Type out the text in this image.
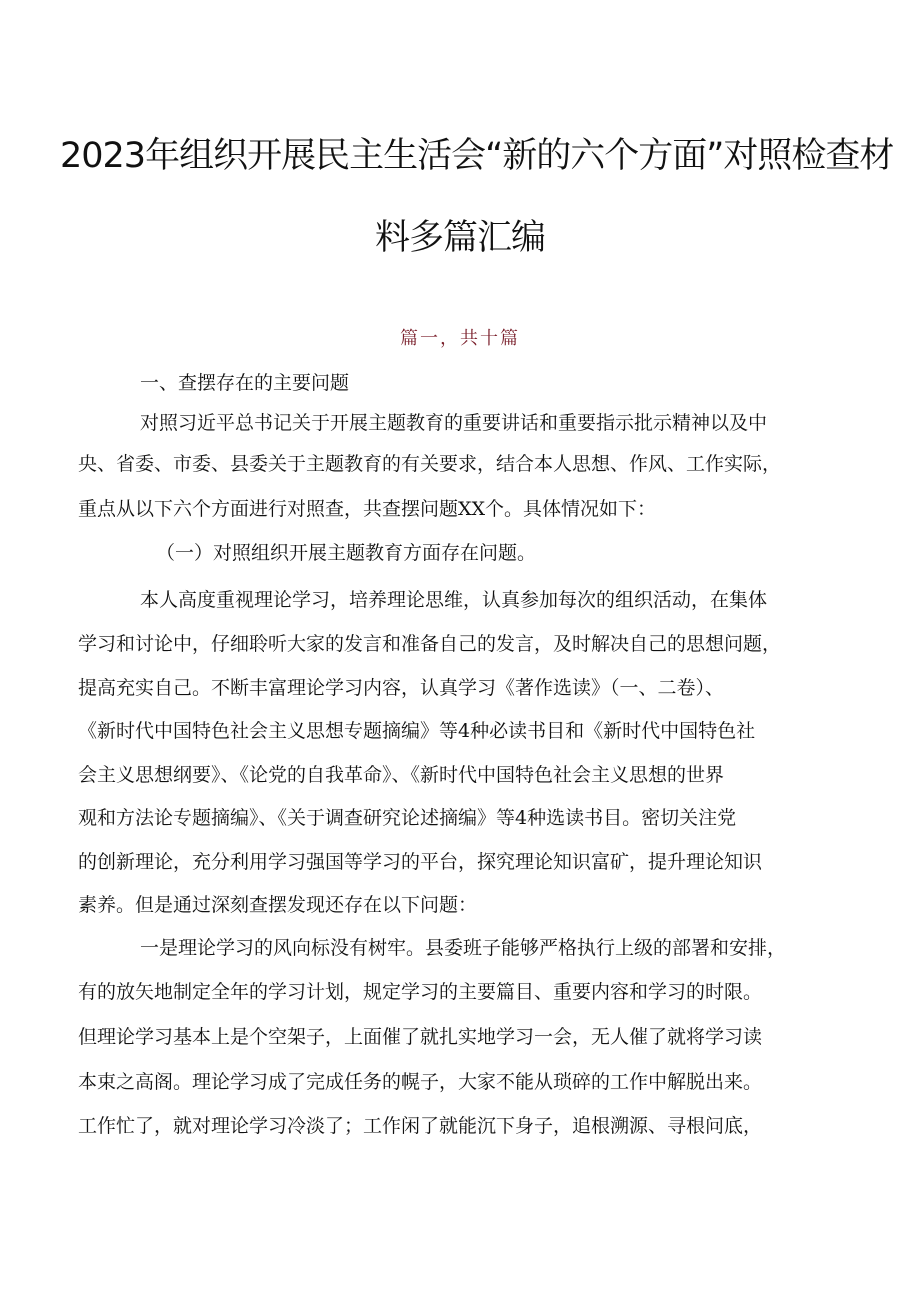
2023年组织开展民主生活会“新的六个方面”对照检查材
料多篇汇编
篇一，共十篇
一、查摆存在的主要问题
对照习近平总书记关于开展主题教育的重要讲话和重要指示批示精神以及中
央、省委、市委、县委关于主题教育的有关要求，结合本人思想、作风、工作实际，
重点从以下六个方面进行对照查，共查摆问题XX个。具体情况如下：
（一）对照组织开展主题教育方面存在问题。
本人高度重视理论学习，培养理论思维，认真参加每次的组织活动，在集体
学习和讨论中，仔细聆听大家的发言和准备自己的发言，及时解决自己的思想问题，
提高充实自己。不断丰富理论学习内容，认真学习《著作选读》（一、二卷）、
《新时代中国特色社会主义思想专题摘编》等4种必读书目和《新时代中国特色社
会主义思想纲要》、《论党的自我革命》、《新时代中国特色社会主义思想的世界
观和方法论专题摘编》、《关于调查研究论述摘编》等4种选读书目。密切关注党
的创新理论，充分利用学习强国等学习的平台，探究理论知识富矿，提升理论知识
素养。但是通过深刻查摆发现还存在以下问题：
一是理论学习的风向标没有树牢。县委班子能够严格执行上级的部署和安排，
有的放矢地制定全年的学习计划，规定学习的主要篇目、重要内容和学习的时限。
但理论学习基本上是个空架子，上面催了就扎实地学习一会，无人催了就将学习读
本束之高阁。理论学习成了完成任务的幌子，大家不能从琐碎的工作中解脱出来。
工作忙了，就对理论学习冷淡了；工作闲了就能沉下身子，追根溯源、寻根问底，
